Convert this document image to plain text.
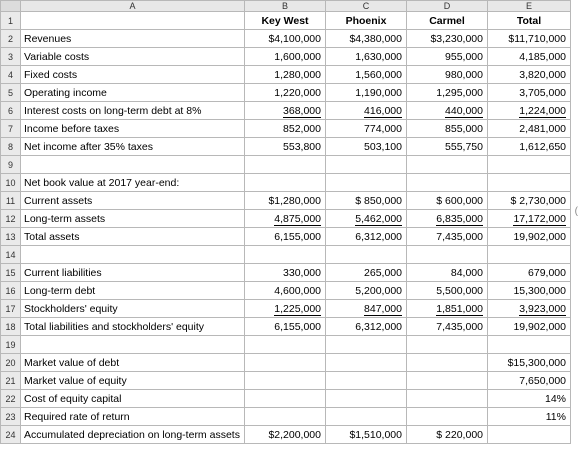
	A	B	C	D	E
1		Key West	Phoenix	Carmel	Total
2	Revenues	$4,100,000	$4,380,000	$3,230,000	$11,710,000
3	Variable costs	1,600,000	1,630,000	955,000	4,185,000
4	Fixed costs	1,280,000	1,560,000	980,000	3,820,000
5	Operating income	1,220,000	1,190,000	1,295,000	3,705,000
6	Interest costs on long-term debt at 8%	368,000	416,000	440,000	1,224,000
7	Income before taxes	852,000	774,000	855,000	2,481,000
8	Net income after 35% taxes	553,800	503,100	555,750	1,612,650
9					
10	Net book value at 2017 year-end:				
11	Current assets	$1,280,000	$ 850,000	$ 600,000	$ 2,730,000
12	Long-term assets	4,875,000	5,462,000	6,835,000	17,172,000
13	Total assets	6,155,000	6,312,000	7,435,000	19,902,000
14					
15	Current liabilities	330,000	265,000	84,000	679,000
16	Long-term debt	4,600,000	5,200,000	5,500,000	15,300,000
17	Stockholders' equity	1,225,000	847,000	1,851,000	3,923,000
18	Total liabilities and stockholders' equity	6,155,000	6,312,000	7,435,000	19,902,000
19					
20	Market value of debt				$15,300,000
21	Market value of equity				7,650,000
22	Cost of equity capital				14%
23	Required rate of return				11%
24	Accumulated depreciation on long-term assets	$2,200,000	$1,510,000	$ 220,000	
(
